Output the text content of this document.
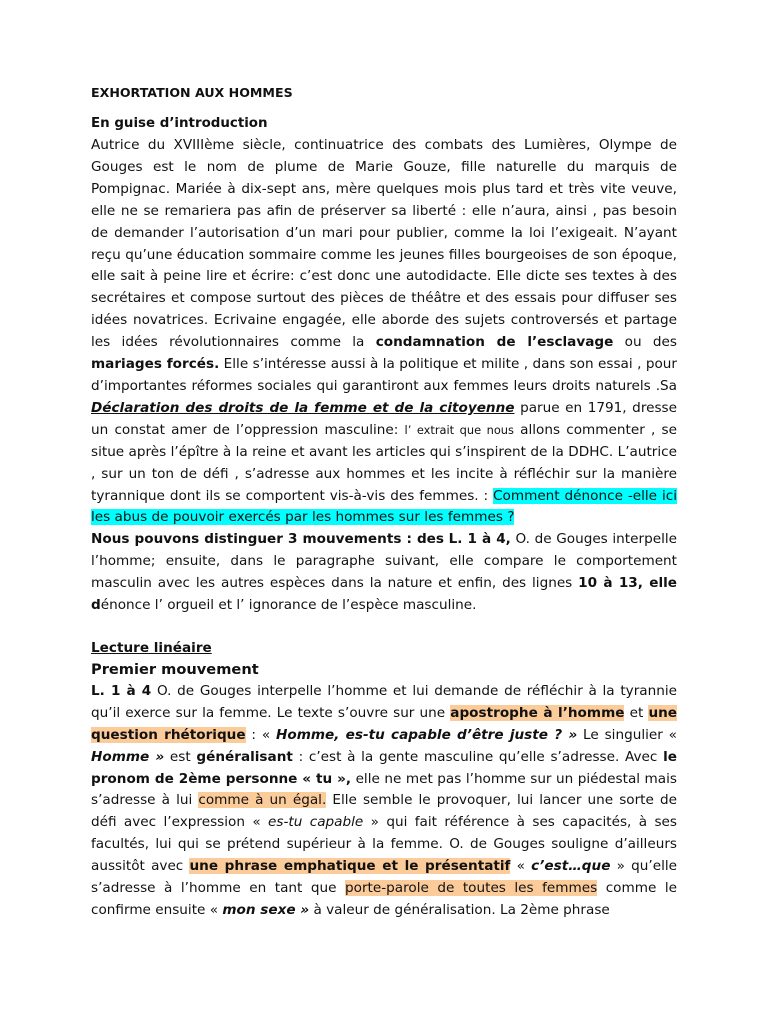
EXHORTATION AUX HOMMES
En guise d’introduction

Autrice du XVIIIème siècle, continuatrice des combats des Lumières, Olympe de Gouges est le nom de plume de Marie Gouze, fille naturelle du marquis de Pompignac. Mariée à dix-sept ans, mère quelques mois plus tard et très vite veuve, elle ne se remariera pas afin de préserver sa liberté : elle n’aura, ainsi , pas besoin de demander l’autorisation d’un mari pour publier, comme la loi l’exigeait. N’ayant reçu qu’une éducation sommaire comme les jeunes filles bourgeoises de son époque, elle sait à peine lire et écrire: c’est donc une autodidacte. Elle dicte ses textes à des secrétaires et compose surtout des pièces de théâtre et des essais pour diffuser ses idées novatrices. Ecrivaine engagée, elle aborde des sujets controversés et partage les idées révolutionnaires comme la condamnation de l’esclavage ou des mariages forcés. Elle s’intéresse aussi à la politique et milite , dans son essai , pour d’importantes réformes sociales qui garantiront aux femmes leurs droits naturels .Sa Déclaration des droits de la femme et de la citoyenne parue en 1791, dresse un constat amer de l’oppression masculine: l’ extrait que nous allons commenter , se situe après l’épître à la reine et avant les articles qui s’inspirent de la DDHC. L’autrice , sur un ton de défi , s’adresse aux hommes et les incite à réfléchir sur la manière tyrannique dont ils se comportent vis-à-vis des femmes. : Comment dénonce -elle ici les abus de pouvoir exercés par les hommes sur les femmes ?

Nous pouvons distinguer 3 mouvements : des L. 1 à 4, O. de Gouges interpelle l’homme; ensuite, dans le paragraphe suivant, elle compare le comportement masculin avec les autres espèces dans la nature et enfin, des lignes 10 à 13, elle dénonce l’ orgueil et l’ ignorance de l’espèce masculine.

Lecture linéaire
Premier mouvement

L. 1 à 4 O. de Gouges interpelle l’homme et lui demande de réfléchir à la tyrannie qu’il exerce sur la femme. Le texte s’ouvre sur une apostrophe à l’homme et une question rhétorique : « Homme, es-tu capable d’être juste ? » Le singulier « Homme » est généralisant : c’est à la gente masculine qu’elle s’adresse. Avec le pronom de 2ème personne « tu », elle ne met pas l’homme sur un piédestal mais s’adresse à lui comme à un égal. Elle semble le provoquer, lui lancer une sorte de défi avec l’expression « es-tu capable » qui fait référence à ses capacités, à ses facultés, lui qui se prétend supérieur à la femme. O. de Gouges souligne d’ailleurs aussitôt avec une phrase emphatique et le présentatif « c’est…que » qu’elle s’adresse à l’homme en tant que porte-parole de toutes les femmes comme le confirme ensuite « mon sexe » à valeur de généralisation. La 2ème phrase
